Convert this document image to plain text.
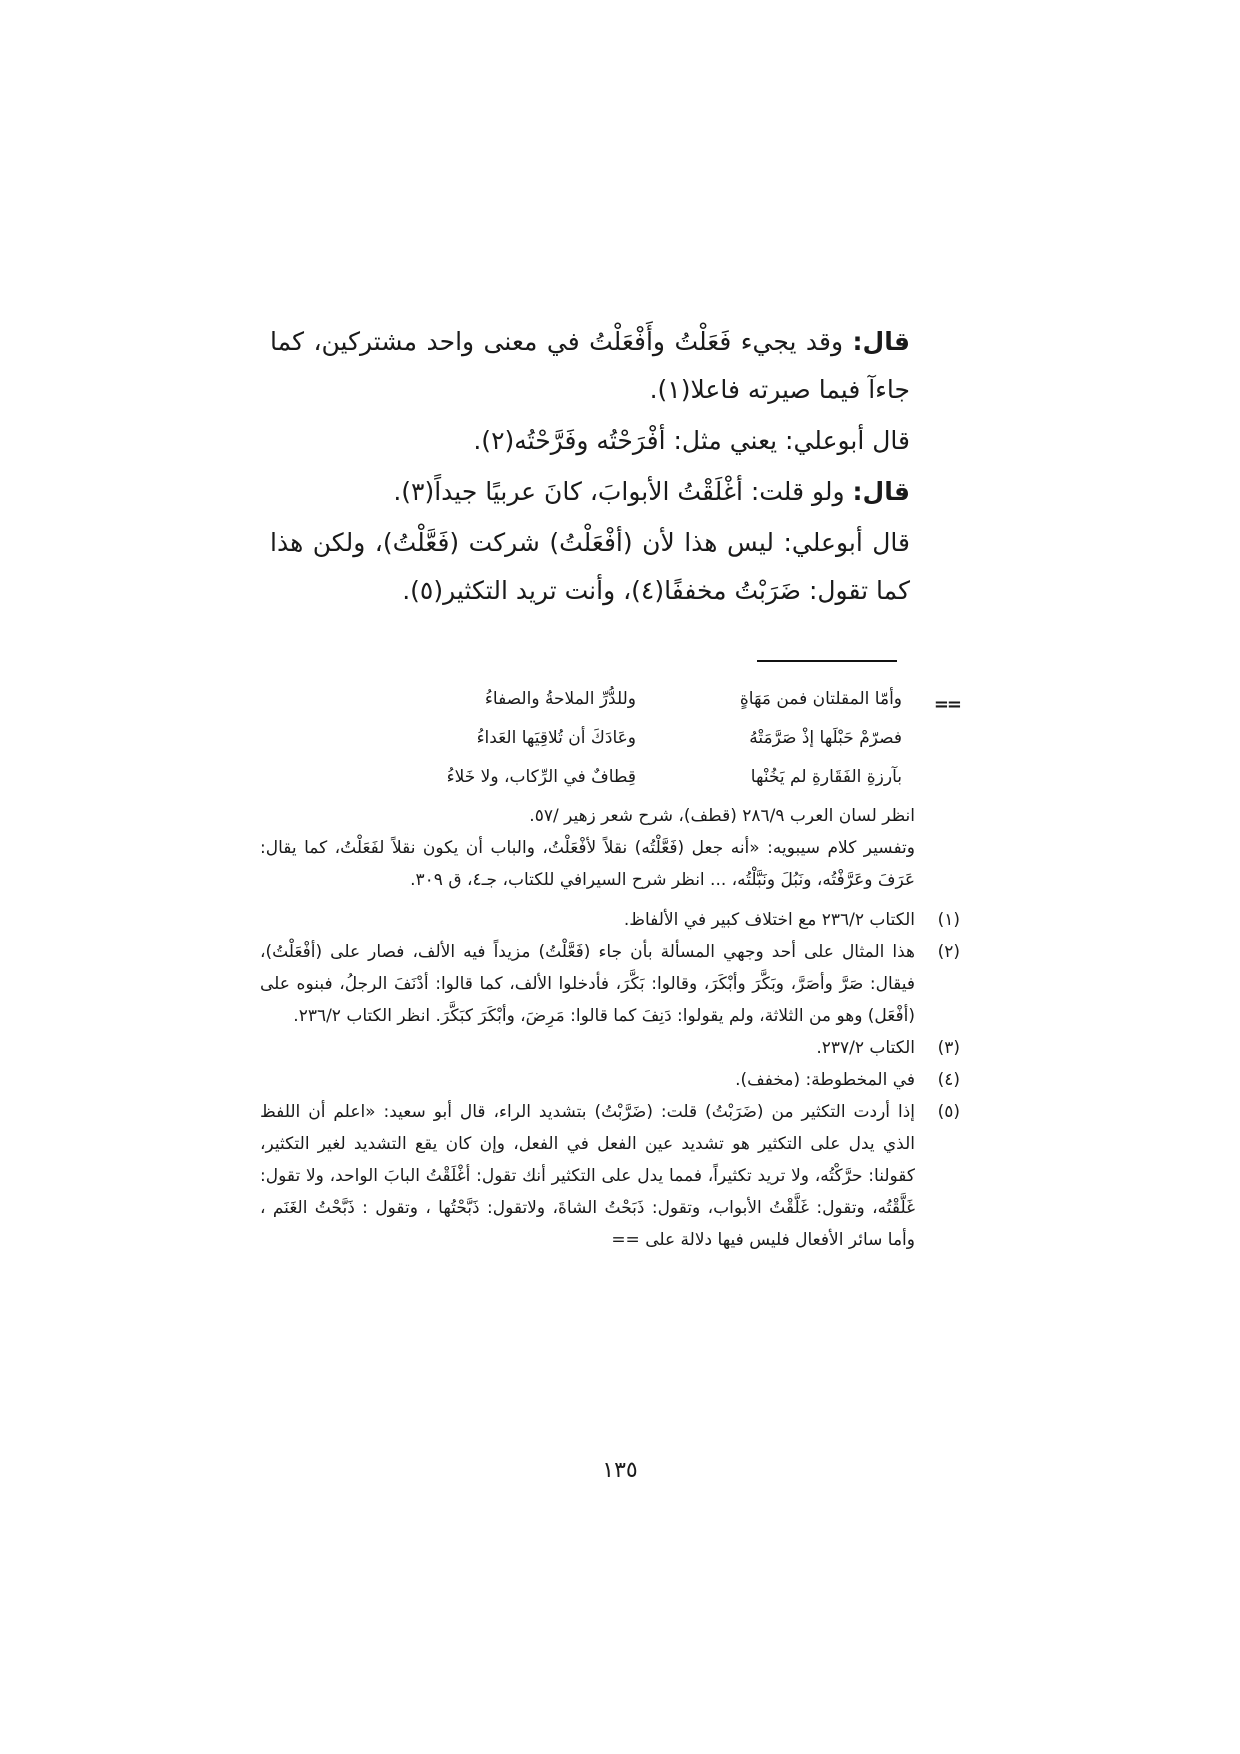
قال: وقد يجيء فَعَلْتُ وأَفْعَلْتُ في معنى واحد مشتركين، كما جاءآ فيما صيرته فاعلا(١).

قال أبوعلي: يعني مثل: أفْرَحْتُه وفَرَّحْتُه(٢).

قال: ولو قلت: أغْلَقْتُ الأبوابَ، كانَ عربيًا جيداً(٣).

قال أبوعلي: ليس هذا لأن (أفْعَلْتُ) شركت (فَعَّلْتُ)، ولكن هذا كما تقول: ضَرَبْتُ مخففًا(٤)، وأنت تريد التكثير(٥).

==
وأمّا المقلتان فمن مَهَاةٍ
وللدُّرِّ الملاحةُ والصفاءُ
فصرّمْ حَبْلَها إذْ صَرَّمَتْهُ
وعَادَكَ أن تُلاقِيَها العَداءُ
بآرزةِ الفَقَارةِ لم يَخُنْها
قِطافٌ في الرِّكاب، ولا خَلاءُ

انظر لسان العرب ٢٨٦/٩ (قطف)، شرح شعر زهير /٥٧.

وتفسير كلام سيبويه: «أنه جعل (فَعَّلْتُه) نقلاً لأفْعَلْتُ، والباب أن يكون نقلاً لفَعَلْتُ، كما يقال: عَرَفَ وعَرَّفْتُه، ونَبُلَ ونَبَّلْتُه، ... انظر شرح السيرافي للكتاب، جـ٤، ق ٣٠٩.

(١)
الكتاب ٢٣٦/٢ مع اختلاف كبير في الألفاظ.
(٢)
هذا المثال على أحد وجهي المسألة بأن جاء (فَعَّلْتُ) مزيداً فيه الألف، فصار على (أفْعَلْتُ)، فيقال: صَرَّ وأصَرَّ، وبَكَّرَ وأبْكَرَ، وقالوا: بَكَّرَ، فأدخلوا الألف، كما قالوا: أدْنَفَ الرجلُ، فبنوه على (أفْعَل) وهو من الثلاثة، ولم يقولوا: دَنِفَ كما قالوا: مَرِضَ، وأبْكَرَ كبَكَّرَ. انظر الكتاب ٢٣٦/٢.
(٣)
الكتاب ٢٣٧/٢.
(٤)
في المخطوطة: (مخفف).
(٥)
إذا أردت التكثير من (ضَرَبْتُ) قلت: (ضَرَّبْتُ) بتشديد الراء، قال أبو سعيد: «اعلم أن اللفظ الذي يدل على التكثير هو تشديد عين الفعل في الفعل، وإن كان يقع التشديد لغير التكثير، كقولنا: حرَّكْتُه، ولا تريد تكثيراً، فمما يدل على التكثير أنك تقول: أغْلَقْتُ البابَ الواحد، ولا تقول: غَلَّقْتُه، وتقول: غَلَّقْتُ الأبواب، وتقول: ذَبَحْتُ الشاةَ، ولاتقول: ذَبَّحْتُها ، وتقول : ذَبَّحْتُ الغَنَم ، وأما سائر الأفعال فليس فيها دلالة على ==
١٣٥
